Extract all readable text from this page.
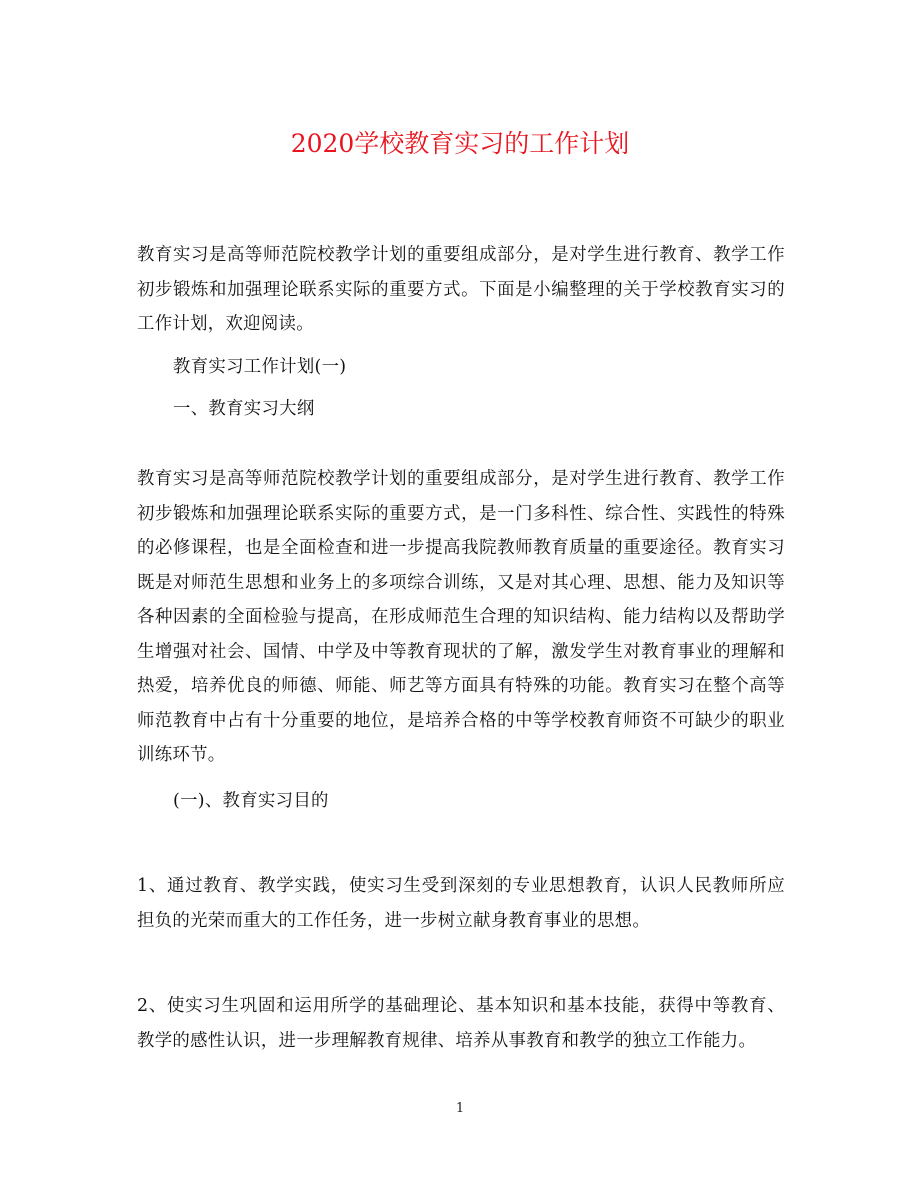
2020学校教育实习的工作计划

教育实习是高等师范院校教学计划的重要组成部分，是对学生进行教育、教学工作初步锻炼和加强理论联系实际的重要方式。下面是小编整理的关于学校教育实习的工作计划，欢迎阅读。

教育实习工作计划(一)

一、教育实习大纲

教育实习是高等师范院校教学计划的重要组成部分，是对学生进行教育、教学工作初步锻炼和加强理论联系实际的重要方式，是一门多科性、综合性、实践性的特殊的必修课程，也是全面检查和进一步提高我院教师教育质量的重要途径。教育实习既是对师范生思想和业务上的多项综合训练，又是对其心理、思想、能力及知识等各种因素的全面检验与提高，在形成师范生合理的知识结构、能力结构以及帮助学生增强对社会、国情、中学及中等教育现状的了解，激发学生对教育事业的理解和热爱，培养优良的师德、师能、师艺等方面具有特殊的功能。教育实习在整个高等师范教育中占有十分重要的地位，是培养合格的中等学校教育师资不可缺少的职业训练环节。

(一)、教育实习目的

1、通过教育、教学实践，使实习生受到深刻的专业思想教育，认识人民教师所应担负的光荣而重大的工作任务，进一步树立献身教育事业的思想。

2、使实习生巩固和运用所学的基础理论、基本知识和基本技能，获得中等教育、教学的感性认识，进一步理解教育规律、培养从事教育和教学的独立工作能力。

1
